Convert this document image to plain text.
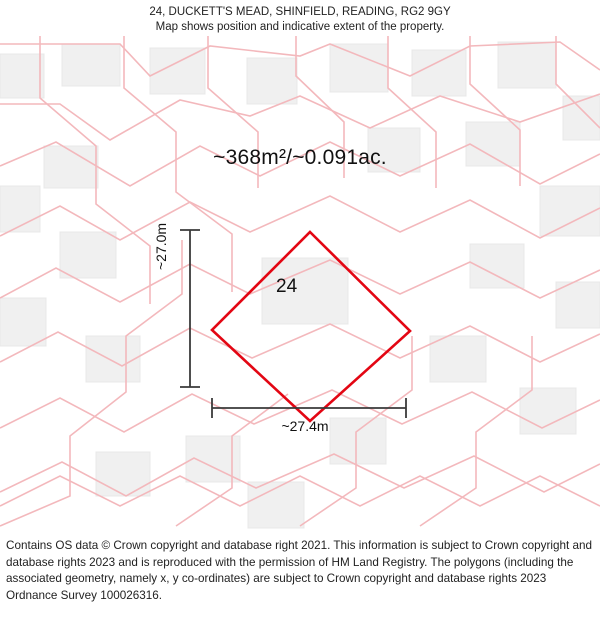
24, DUCKETT'S MEAD, SHINFIELD, READING, RG2 9GY
Map shows position and indicative extent of the property.
~368m²/~0.091ac.
24
~27.0m
~27.4m
Contains OS data © Crown copyright and database right 2021. This information is subject to Crown copyright and database rights 2023 and is reproduced with the permission of HM Land Registry. The polygons (including the associated geometry, namely x, y co-ordinates) are subject to Crown copyright and database rights 2023 Ordnance Survey 100026316.
